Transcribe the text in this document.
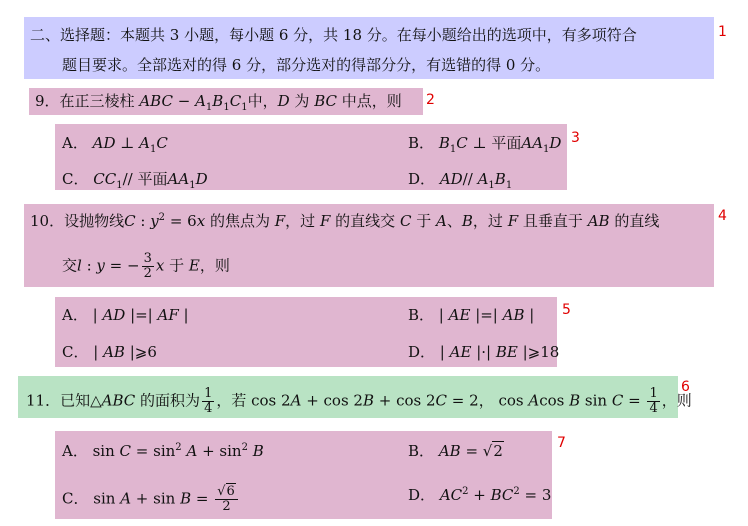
二、选择题：本题共 3 小题，每小题 6 分，共 18 分。在每小题给出的选项中，有多项符合
题目要求。全部选对的得 6 分，部分选对的得部分分，有选错的得 0 分。
1
9．在正三棱柱 ABC − $A_1B_1C_1$中，D 为 BC 中点，则 2
A． AD ⊥ $A_1C$	B． $B_1C$ ⊥ 平面$AA_1D$
C． $CC_1//$ 平面$AA_1D$	D． AD// $A_1B_1$
3
10．设抛物线C : $y^2 = 6x$ 的焦点为 F，过 F 的直线交 C 于 A、B，过 F 且垂直于 AB 的直线
交l : y = − $\frac{3}{2}$ x 于 E，则
4
A． | AD |=| AF |	B． | AE |=| AB |
C． | AB |⩾6	D． | AE |·| BE |⩾18
5
11．已知△ABC 的面积为 $\frac{1}{4}$ ，若 cos 2A + cos 2B + cos 2C = 2， cos Acos B $\sin C = \frac{1}{4}$ ，则
6
A． $\sin C = \sin^2 A + \sin^2 B$	B． AB = √2
C． $\sin A + \sin B = \frac{√6}{2}$	D． $AC^2 + BC^2 = 3$
7
